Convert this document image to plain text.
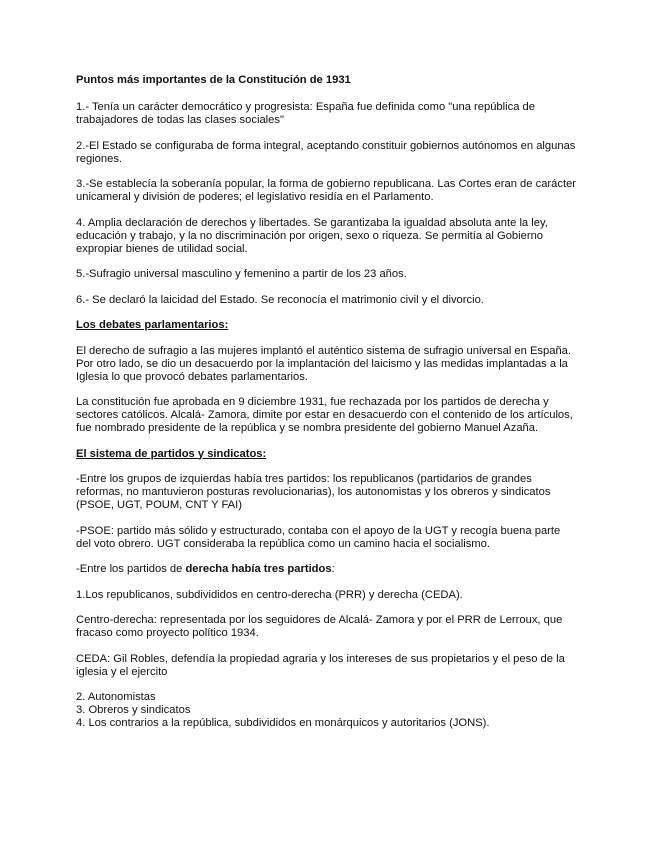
Puntos más importantes de la Constitución de 1931

1.- Tenía un carácter democrático y progresista: España fue definida como "una república de trabajadores de todas las clases sociales"

2.-El Estado se configuraba de forma integral, aceptando constituir gobiernos autónomos en algunas regiones.

3.-Se establecía la soberanía popular, la forma de gobierno republicana. Las Cortes eran de carácter unicameral y división de poderes; el legislativo residía en el Parlamento.

4. Amplia declaración de derechos y libertades. Se garantizaba la igualdad absoluta ante la ley, educación y trabajo, y la no discriminación por origen, sexo o riqueza. Se permitía al Gobierno expropiar bienes de utilidad social.

5.-Sufragio universal masculino y femenino a partir de los 23 años.

6.- Se declaró la laicidad del Estado. Se reconocía el matrimonio civil y el divorcio.

Los debates parlamentarios:

El derecho de sufragio a las mujeres implantó el auténtico sistema de sufragio universal en España. Por otro lado, se dio un desacuerdo por la implantación del laicismo y las medidas implantadas a la Iglesia lo que provocó debates parlamentarios.

La constitución fue aprobada en 9 diciembre 1931, fue rechazada por los partidos de derecha y sectores católicos. Alcalá- Zamora, dimite por estar en desacuerdo con el contenido de los artículos, fue nombrado presidente de la república y se nombra presidente del gobierno Manuel Azaña.

El sistema de partidos y sindicatos:

-Entre los grupos de izquierdas había tres partidos: los republicanos (partidarios de grandes reformas, no mantuvieron posturas revolucionarias), los autonomistas y los obreros y sindicatos (PSOE, UGT, POUM, CNT Y FAI)

-PSOE: partido más sólido y estructurado, contaba con el apoyo de la UGT y recogía buena parte del voto obrero. UGT consideraba la república como un camino hacia el socialismo.

-Entre los partidos de derecha había tres partidos:

1.Los republicanos, subdivididos en centro-derecha (PRR) y derecha (CEDA).

Centro-derecha: representada por los seguidores de Alcalá- Zamora y por el PRR de Lerroux, que fracaso como proyecto político 1934.

CEDA: Gil Robles, defendía la propiedad agraria y los intereses de sus propietarios y el peso de la iglesia y el ejercito

2. Autonomistas

3. Obreros y sindicatos

4. Los contrarios a la república, subdivididos en monárquicos y autoritarios (JONS).
